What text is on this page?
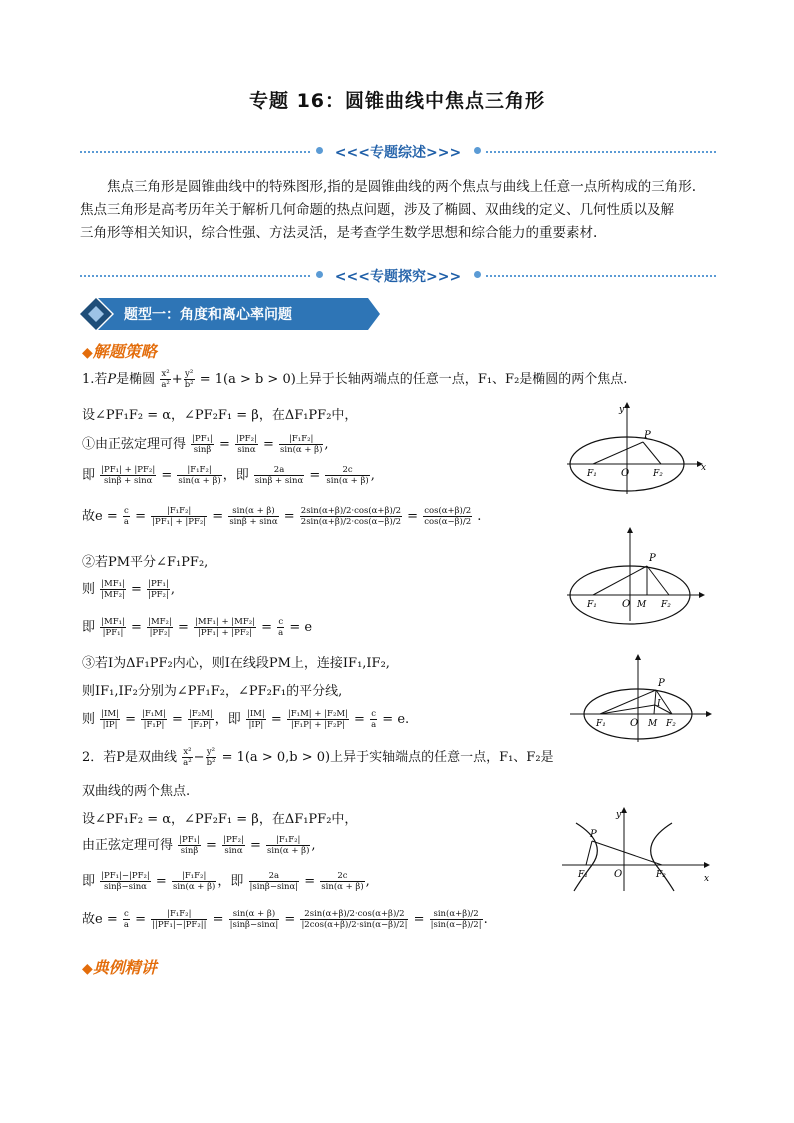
专题 16：圆锥曲线中焦点三角形
<<<专题综述>>>
焦点三角形是圆锥曲线中的特殊图形,指的是圆锥曲线的两个焦点与曲线上任意一点所构成的三角形.
焦点三角形是高考历年关于解析几何命题的热点问题，涉及了椭圆、双曲线的定义、几何性质以及解
三角形等相关知识，综合性强、方法灵活，是考查学生数学思想和综合能力的重要素材.
<<<专题探究>>>
题型一：角度和离心率问题
◆解题策略
1.若P是椭圆 $\frac{\text{x²}}{\text{a²}} + \frac{\text{y²}}{\text{b²}} = 1(a > b > 0)$上异于长轴两端点的任意一点，F₁、F₂是椭圆的两个焦点.
设∠PF₁F₂ = α，∠PF₂F₁ = β，在ΔF₁PF₂中，
①由正弦定理可得 $\frac{\text{|PF₁|}}{\sin\beta} = \frac{\text{|PF₂|}}{\sin\alpha} = \frac{\text{|F₁F₂|}}{\sin(\alpha + \beta)}$ ,
即 $\frac{\text{|PF₁| + |PF₂|}}{\sin\beta + \sin\alpha} = \frac{\text{|F₁F₂|}}{\sin(\alpha + \beta)}$ ，即 $\frac{2a}{\sin\beta + \sin\alpha} = \frac{2c}{\sin(\alpha + \beta)}$ ,
故$e = \frac{c}{a} = \frac{\text{|F₁F₂|}}{\text{|PF₁| + |PF₂|}} = \frac{\sin(\alpha + \beta)}{\sin\beta + \sin\alpha} = \frac{2\sin(\alpha+\beta)/2\cdot\cos(\alpha+\beta)/2}{2\sin(\alpha+\beta)/2\cdot\cos(\alpha-\beta)/2} = \frac{\cos(\alpha+\beta)/2}{\cos(\alpha-\beta)/2}$ .
②若PM平分∠F₁PF₂,
则 $\frac{\text{|MF₁|}}{\text{|MF₂|}} = \frac{\text{|PF₁|}}{\text{|PF₂|}}$ ,
即 $\frac{\text{|MF₁|}}{\text{|PF₁|}} = \frac{\text{|MF₂|}}{\text{|PF₂|}} = \frac{\text{|MF₁| + |MF₂|}}{\text{|PF₁| + |PF₂|}} = \frac{c}{a} = e$
③若I为ΔF₁PF₂内心，则I在线段PM上，连接IF₁,IF₂,
则IF₁,IF₂分别为∠PF₁F₂，∠PF₂F₁的平分线,
则 $\frac{|IM|}{|IP|} = \frac{\text{|F₁M|}}{\text{|F₁P|}} = \frac{\text{|F₂M|}}{\text{|F₂P|}}$ ，即 $\frac{|IM|}{|IP|} = \frac{\text{|F₁M| + |F₂M|}}{\text{|F₁P| + |F₂P|}} = \frac{c}{a} = e$.
2．若P是双曲线 $\frac{\text{x²}}{\text{a²}} - \frac{\text{y²}}{\text{b²}} = 1(a > 0,b > 0)$上异于实轴端点的任意一点，F₁、F₂是
双曲线的两个焦点.
设∠PF₁F₂ = α，∠PF₂F₁ = β，在ΔF₁PF₂中，
由正弦定理可得 $\frac{\text{|PF₁|}}{\sin\beta} = \frac{\text{|PF₂|}}{\sin\alpha} = \frac{\text{|F₁F₂|}}{\sin(\alpha + \beta)}$ ,
即 $\frac{\text{|PF₁|−|PF₂|}}{\sin\beta-\sin\alpha} = \frac{\text{|F₁F₂|}}{\sin(\alpha + \beta)}$ ，即 $\frac{2a}{|\sin\beta-\sin\alpha|} = \frac{2c}{\sin(\alpha + \beta)}$ ,
故$e = \frac{c}{a} = \frac{\text{|F₁F₂|}}{\text{||PF₁|−|PF₂||}} = \frac{\sin(\alpha + \beta)}{|\sin\beta-\sin\alpha|} = \frac{2\sin(\alpha+\beta)/2\cdot\cos(\alpha+\beta)/2}{|2\cos(\alpha+\beta)/2\cdot\sin(\alpha-\beta)/2|} = \frac{\sin(\alpha+\beta)/2}{|\sin(\alpha-\beta)/2|}$ .
◆典例精讲
x
y
P
O
F₁	F₂
P
O M
F₁	F₂
P
I
O M
F₁	F₂
P
y
x
O
F₁	F₂
